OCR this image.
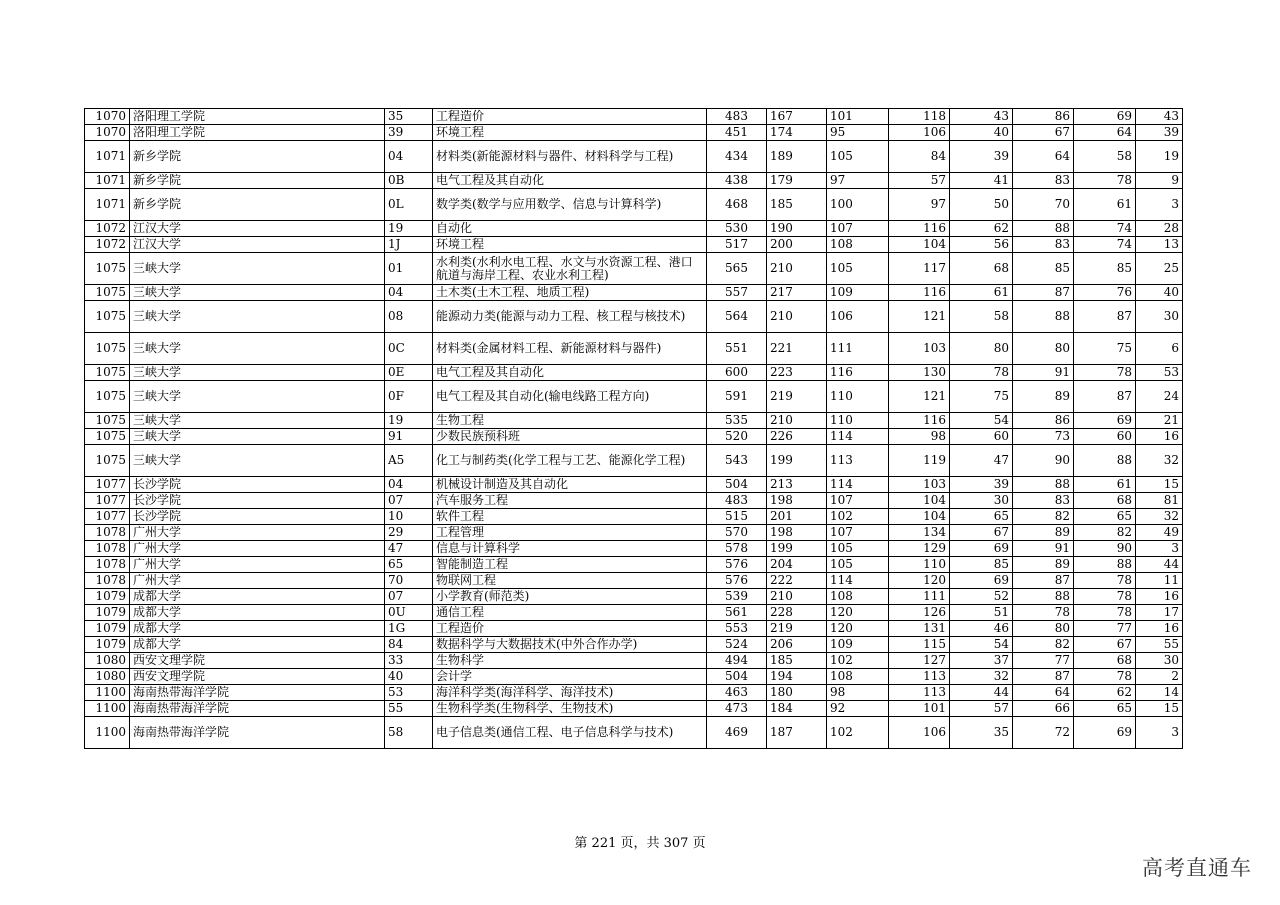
1070	洛阳理工学院	35	工程造价	483	167	101	118	43	86	69	43
1070	洛阳理工学院	39	环境工程	451	174	95	106	40	67	64	39
1071	新乡学院	04	材料类(新能源材料与器件、材料科学与工程)	434	189	105	84	39	64	58	19
1071	新乡学院	0B	电气工程及其自动化	438	179	97	57	41	83	78	9
1071	新乡学院	0L	数学类(数学与应用数学、信息与计算科学)	468	185	100	97	50	70	61	3
1072	江汉大学	19	自动化	530	190	107	116	62	88	74	28
1072	江汉大学	1J	环境工程	517	200	108	104	56	83	74	13
1075	三峡大学	01	水利类(水利水电工程、水文与水资源工程、港口航道与海岸工程、农业水利工程)	565	210	105	117	68	85	85	25
1075	三峡大学	04	土木类(土木工程、地质工程)	557	217	109	116	61	87	76	40
1075	三峡大学	08	能源动力类(能源与动力工程、核工程与核技术)	564	210	106	121	58	88	87	30
1075	三峡大学	0C	材料类(金属材料工程、新能源材料与器件)	551	221	111	103	80	80	75	6
1075	三峡大学	0E	电气工程及其自动化	600	223	116	130	78	91	78	53
1075	三峡大学	0F	电气工程及其自动化(输电线路工程方向)	591	219	110	121	75	89	87	24
1075	三峡大学	19	生物工程	535	210	110	116	54	86	69	21
1075	三峡大学	91	少数民族预科班	520	226	114	98	60	73	60	16
1075	三峡大学	A5	化工与制药类(化学工程与工艺、能源化学工程)	543	199	113	119	47	90	88	32
1077	长沙学院	04	机械设计制造及其自动化	504	213	114	103	39	88	61	15
1077	长沙学院	07	汽车服务工程	483	198	107	104	30	83	68	81
1077	长沙学院	10	软件工程	515	201	102	104	65	82	65	32
1078	广州大学	29	工程管理	570	198	107	134	67	89	82	49
1078	广州大学	47	信息与计算科学	578	199	105	129	69	91	90	3
1078	广州大学	65	智能制造工程	576	204	105	110	85	89	88	44
1078	广州大学	70	物联网工程	576	222	114	120	69	87	78	11
1079	成都大学	07	小学教育(师范类)	539	210	108	111	52	88	78	16
1079	成都大学	0U	通信工程	561	228	120	126	51	78	78	17
1079	成都大学	1G	工程造价	553	219	120	131	46	80	77	16
1079	成都大学	84	数据科学与大数据技术(中外合作办学)	524	206	109	115	54	82	67	55
1080	西安文理学院	33	生物科学	494	185	102	127	37	77	68	30
1080	西安文理学院	40	会计学	504	194	108	113	32	87	78	2
1100	海南热带海洋学院	53	海洋科学类(海洋科学、海洋技术)	463	180	98	113	44	64	62	14
1100	海南热带海洋学院	55	生物科学类(生物科学、生物技术)	473	184	92	101	57	66	65	15
1100	海南热带海洋学院	58	电子信息类(通信工程、电子信息科学与技术)	469	187	102	106	35	72	69	3
第 221 页，共 307 页
高考直通车
